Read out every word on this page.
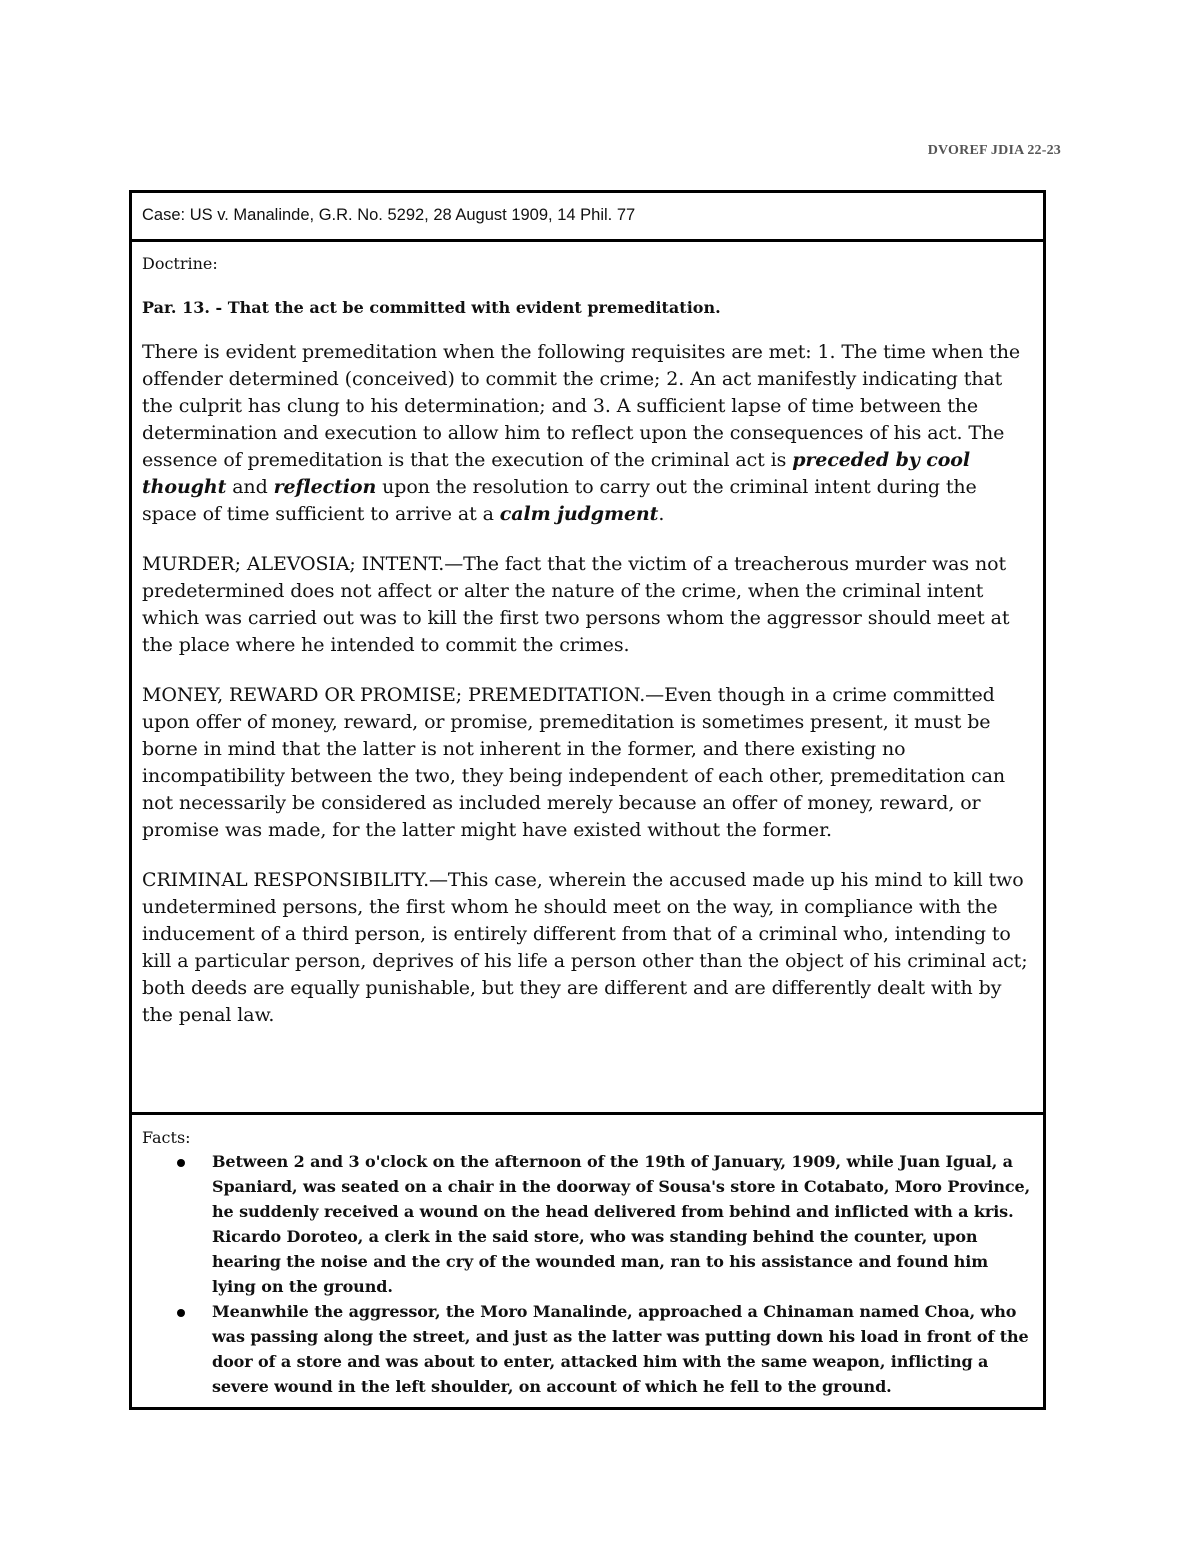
DVOREF JDIA 22-23
Case: US v. Manalinde, G.R. No. 5292, 28 August 1909, 14 Phil. 77

Doctrine:

Par. 13. - That the act be committed with evident premeditation.

There is evident premeditation when the following requisites are met: 1. The time when the offender determined (conceived) to commit the crime; 2. An act manifestly indicating that the culprit has clung to his determination; and 3. A sufficient lapse of time between the determination and execution to allow him to reflect upon the consequences of his act. The essence of premeditation is that the execution of the criminal act is preceded by cool thought and reflection upon the resolution to carry out the criminal intent during the space of time sufficient to arrive at a calm judgment.

MURDER; ALEVOSIA; INTENT.—The fact that the victim of a treacherous murder was not predetermined does not affect or alter the nature of the crime, when the criminal intent which was carried out was to kill the first two persons whom the aggressor should meet at the place where he intended to commit the crimes.

MONEY, REWARD OR PROMISE; PREMEDITATION.—Even though in a crime committed upon offer of money, reward, or promise, premeditation is sometimes present, it must be borne in mind that the latter is not inherent in the former, and there existing no incompatibility between the two, they being independent of each other, premeditation can not necessarily be considered as included merely because an offer of money, reward, or promise was made, for the latter might have existed without the former.

CRIMINAL RESPONSIBILITY.—This case, wherein the accused made up his mind to kill two undetermined persons, the first whom he should meet on the way, in compliance with the inducement of a third person, is entirely different from that of a criminal who, intending to kill a particular person, deprives of his life a person other than the object of his criminal act; both deeds are equally punishable, but they are different and are differently dealt with by the penal law.

Facts:

Between 2 and 3 o'clock on the afternoon of the 19th of January, 1909, while Juan Igual, a Spaniard, was seated on a chair in the doorway of Sousa's store in Cotabato, Moro Province, he suddenly received a wound on the head delivered from behind and inflicted with a kris. Ricardo Doroteo, a clerk in the said store, who was standing behind the counter, upon hearing the noise and the cry of the wounded man, ran to his assistance and found him lying on the ground.
Meanwhile the aggressor, the Moro Manalinde, approached a Chinaman named Choa, who was passing along the street, and just as the latter was putting down his load in front of the door of a store and was about to enter, attacked him with the same weapon, inflicting a severe wound in the left shoulder, on account of which he fell to the ground.
